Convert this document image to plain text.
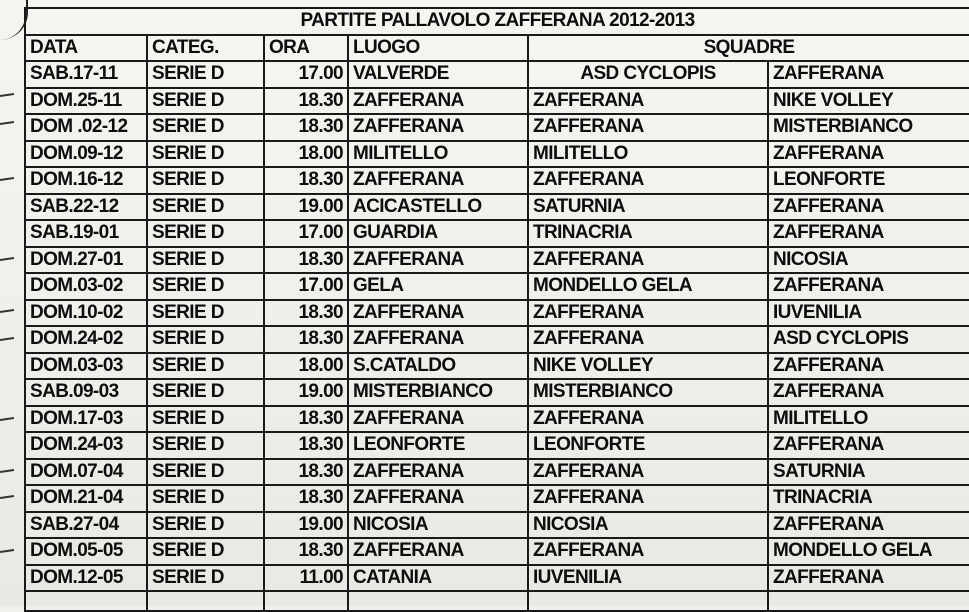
PARTITE PALLAVOLO ZAFFERANA 2012-2013					
DATA	CATEG.	ORA	LUOGO	SQUADRE	
SAB.17-11	SERIE D	17.00	VALVERDE	ASD CYCLOPIS	ZAFFERANA
DOM.25-11	SERIE D	18.30	ZAFFERANA	ZAFFERANA	NIKE VOLLEY
DOM .02-12	SERIE D	18.30	ZAFFERANA	ZAFFERANA	MISTERBIANCO
DOM.09-12	SERIE D	18.00	MILITELLO	MILITELLO	ZAFFERANA
DOM.16-12	SERIE D	18.30	ZAFFERANA	ZAFFERANA	LEONFORTE
SAB.22-12	SERIE D	19.00	ACICASTELLO	SATURNIA	ZAFFERANA
SAB.19-01	SERIE D	17.00	GUARDIA	TRINACRIA	ZAFFERANA
DOM.27-01	SERIE D	18.30	ZAFFERANA	ZAFFERANA	NICOSIA
DOM.03-02	SERIE D	17.00	GELA	MONDELLO GELA	ZAFFERANA
DOM.10-02	SERIE D	18.30	ZAFFERANA	ZAFFERANA	IUVENILIA
DOM.24-02	SERIE D	18.30	ZAFFERANA	ZAFFERANA	ASD CYCLOPIS
DOM.03-03	SERIE D	18.00	S.CATALDO	NIKE VOLLEY	ZAFFERANA
SAB.09-03	SERIE D	19.00	MISTERBIANCO	MISTERBIANCO	ZAFFERANA
DOM.17-03	SERIE D	18.30	ZAFFERANA	ZAFFERANA	MILITELLO
DOM.24-03	SERIE D	18.30	LEONFORTE	LEONFORTE	ZAFFERANA
DOM.07-04	SERIE D	18.30	ZAFFERANA	ZAFFERANA	SATURNIA
DOM.21-04	SERIE D	18.30	ZAFFERANA	ZAFFERANA	TRINACRIA
SAB.27-04	SERIE D	19.00	NICOSIA	NICOSIA	ZAFFERANA
DOM.05-05	SERIE D	18.30	ZAFFERANA	ZAFFERANA	MONDELLO GELA
DOM.12-05	SERIE D	11.00	CATANIA	IUVENILIA	ZAFFERANA
